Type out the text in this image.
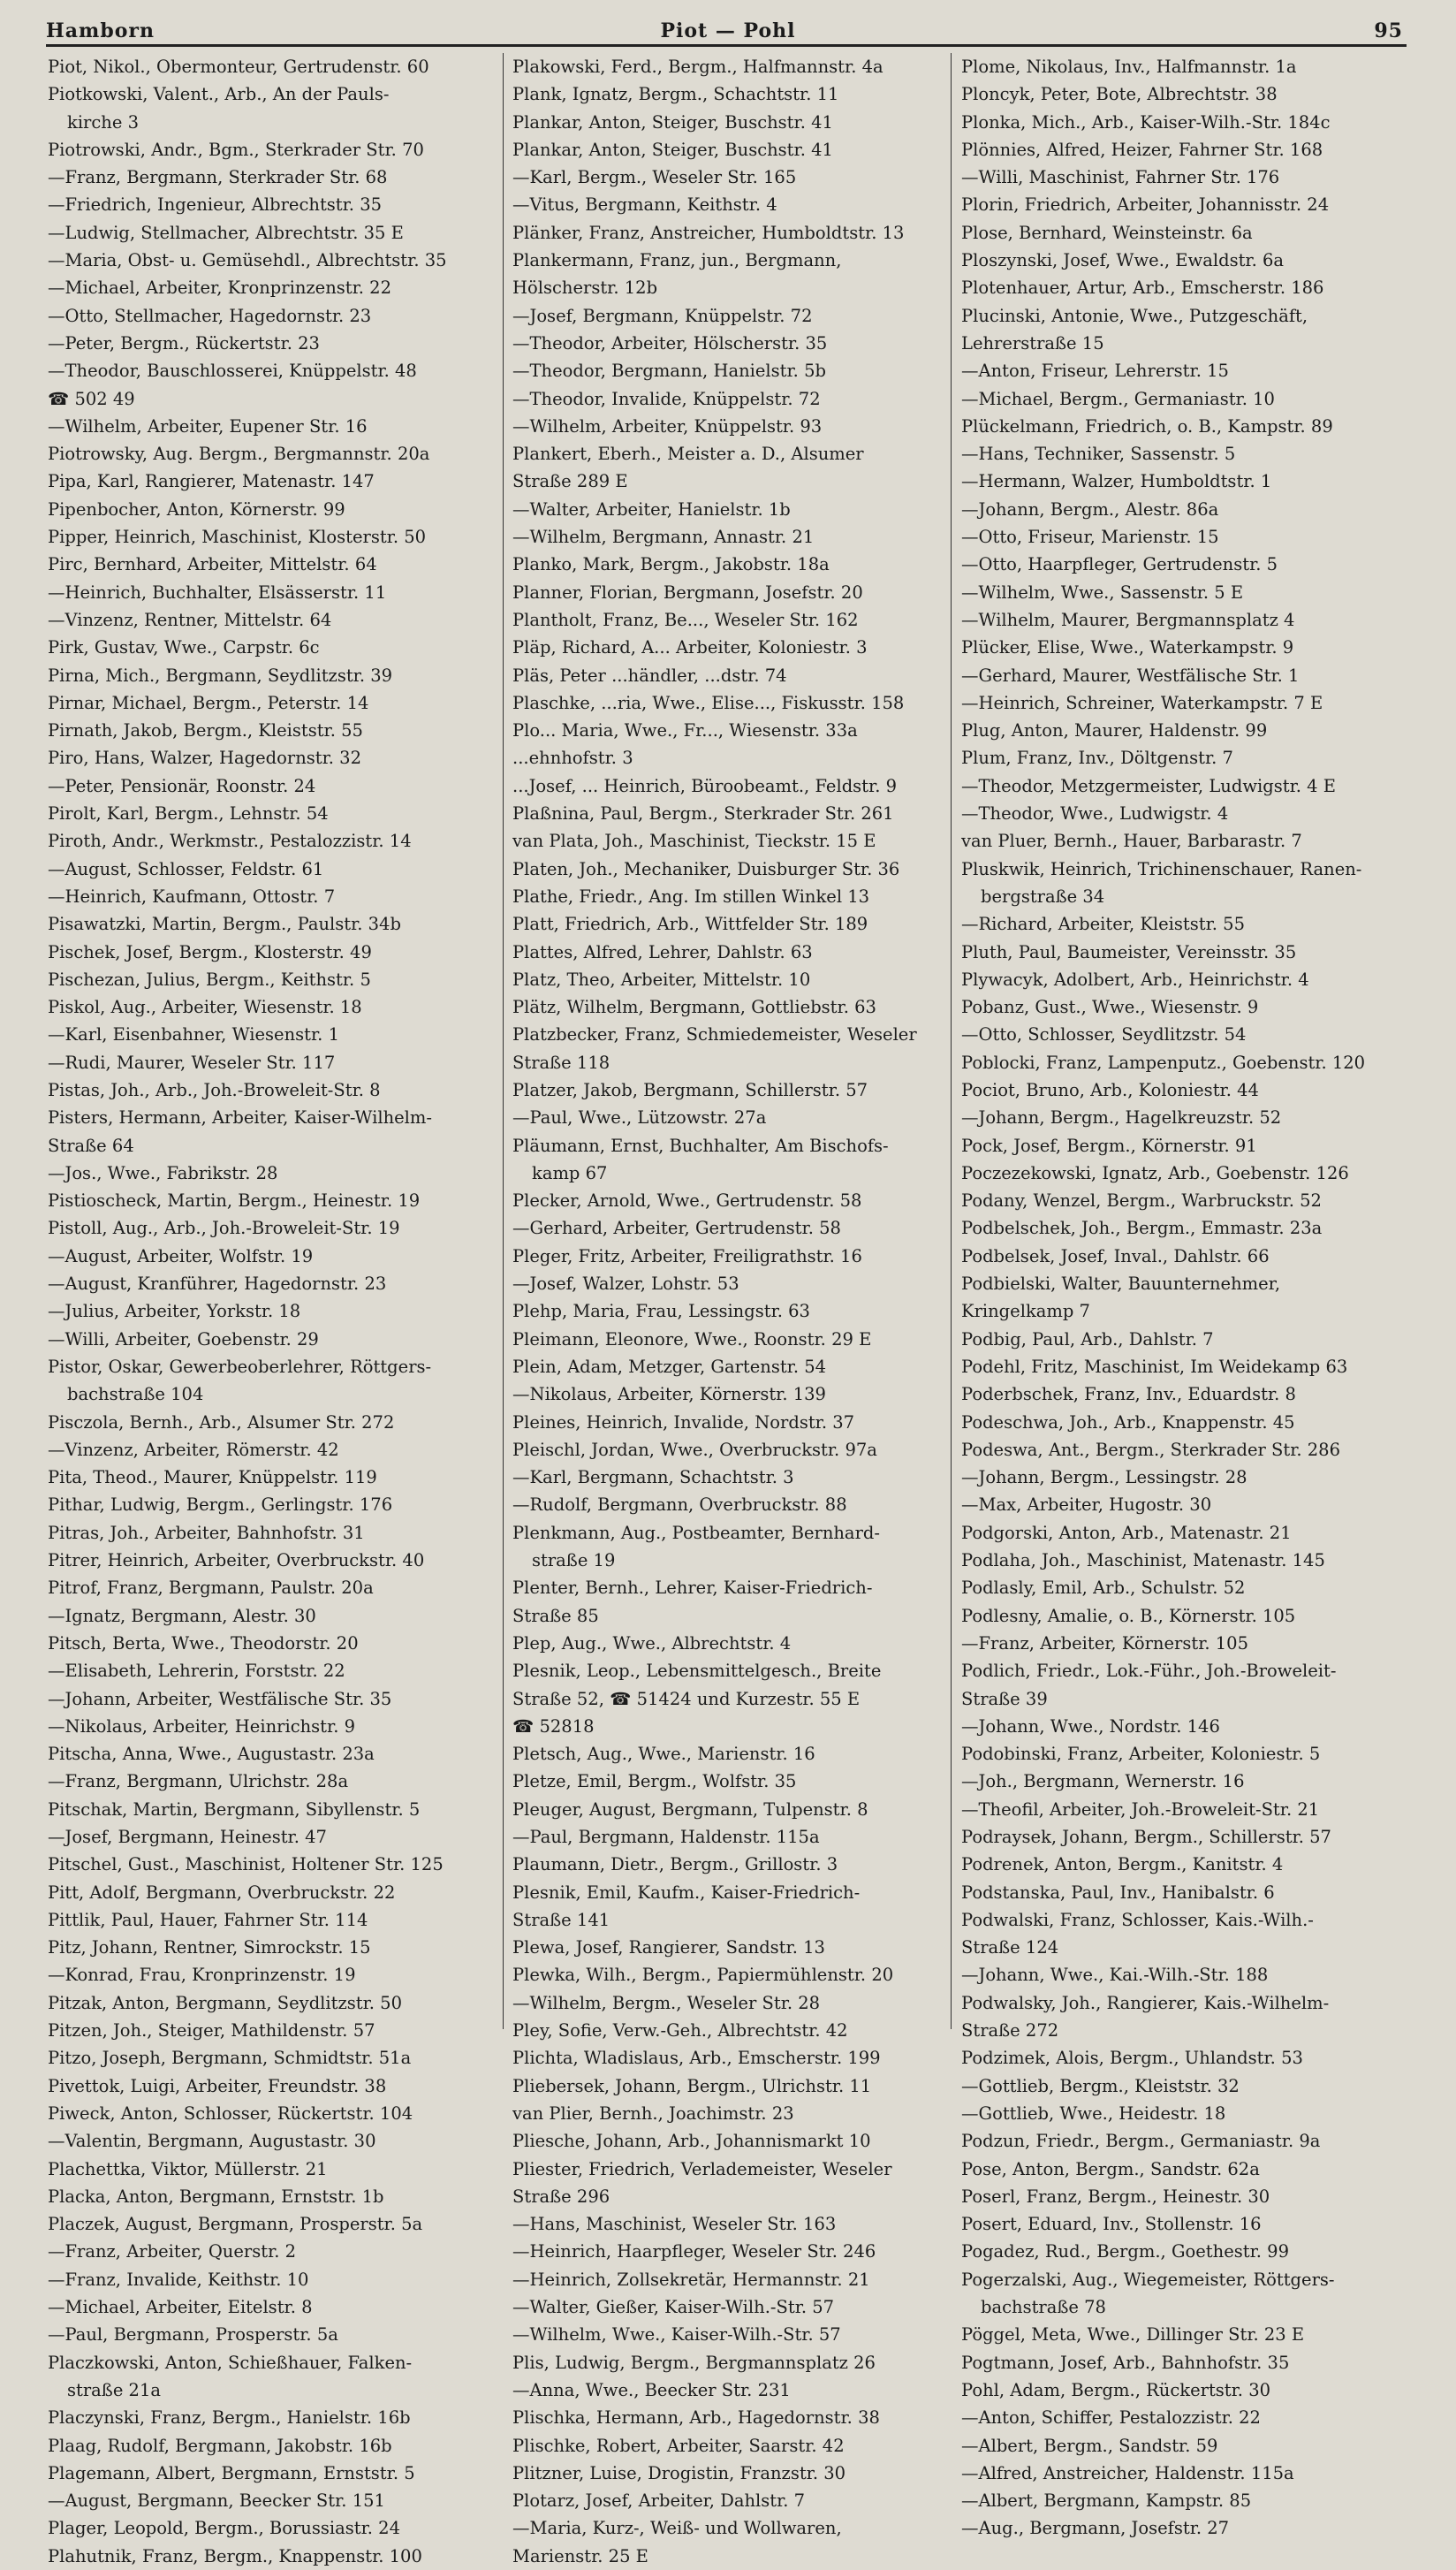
Hamborn	Piot — Pohl	95
Piot, Nikol., Obermonteur, Gertrudenstr. 60
Piotkowski, Valent., Arb., An der Pauls-
kirche 3
Piotrowski, Andr., Bgm., Sterkrader Str. 70
—Franz, Bergmann, Sterkrader Str. 68
—Friedrich, Ingenieur, Albrechtstr. 35
—Ludwig, Stellmacher, Albrechtstr. 35 E
—Maria, Obst- u. Gemüsehdl., Albrechtstr. 35
—Michael, Arbeiter, Kronprinzenstr. 22
—Otto, Stellmacher, Hagedornstr. 23
—Peter, Bergm., Rückertstr. 23
—Theodor, Bauschlosserei, Knüppelstr. 48
☎ 502 49
—Wilhelm, Arbeiter, Eupener Str. 16
Piotrowsky, Aug. Bergm., Bergmannstr. 20a
Pipa, Karl, Rangierer, Matenastr. 147
Pipenbocher, Anton, Körnerstr. 99
Pipper, Heinrich, Maschinist, Klosterstr. 50
Pirc, Bernhard, Arbeiter, Mittelstr. 64
—Heinrich, Buchhalter, Elsässerstr. 11
—Vinzenz, Rentner, Mittelstr. 64
Pirk, Gustav, Wwe., Carpstr. 6c
Pirna, Mich., Bergmann, Seydlitzstr. 39
Pirnar, Michael, Bergm., Peterstr. 14
Pirnath, Jakob, Bergm., Kleiststr. 55
Piro, Hans, Walzer, Hagedornstr. 32
—Peter, Pensionär, Roonstr. 24
Pirolt, Karl, Bergm., Lehnstr. 54
Piroth, Andr., Werkmstr., Pestalozzistr. 14
—August, Schlosser, Feldstr. 61
—Heinrich, Kaufmann, Ottostr. 7
Pisawatzki, Martin, Bergm., Paulstr. 34b
Pischek, Josef, Bergm., Klosterstr. 49
Pischezan, Julius, Bergm., Keithstr. 5
Piskol, Aug., Arbeiter, Wiesenstr. 18
—Karl, Eisenbahner, Wiesenstr. 1
—Rudi, Maurer, Weseler Str. 117
Pistas, Joh., Arb., Joh.-Broweleit-Str. 8
Pisters, Hermann, Arbeiter, Kaiser-Wilhelm-
Straße 64
—Jos., Wwe., Fabrikstr. 28
Pistioscheck, Martin, Bergm., Heinestr. 19
Pistoll, Aug., Arb., Joh.-Broweleit-Str. 19
—August, Arbeiter, Wolfstr. 19
—August, Kranführer, Hagedornstr. 23
—Julius, Arbeiter, Yorkstr. 18
—Willi, Arbeiter, Goebenstr. 29
Pistor, Oskar, Gewerbeoberlehrer, Röttgers-
bachstraße 104
Pisczola, Bernh., Arb., Alsumer Str. 272
—Vinzenz, Arbeiter, Römerstr. 42
Pita, Theod., Maurer, Knüppelstr. 119
Pithar, Ludwig, Bergm., Gerlingstr. 176
Pitras, Joh., Arbeiter, Bahnhofstr. 31
Pitrer, Heinrich, Arbeiter, Overbruckstr. 40
Pitrof, Franz, Bergmann, Paulstr. 20a
—Ignatz, Bergmann, Alestr. 30
Pitsch, Berta, Wwe., Theodorstr. 20
—Elisabeth, Lehrerin, Forststr. 22
—Johann, Arbeiter, Westfälische Str. 35
—Nikolaus, Arbeiter, Heinrichstr. 9
Pitscha, Anna, Wwe., Augustastr. 23a
—Franz, Bergmann, Ulrichstr. 28a
Pitschak, Martin, Bergmann, Sibyllenstr. 5
—Josef, Bergmann, Heinestr. 47
Pitschel, Gust., Maschinist, Holtener Str. 125
Pitt, Adolf, Bergmann, Overbruckstr. 22
Pittlik, Paul, Hauer, Fahrner Str. 114
Pitz, Johann, Rentner, Simrockstr. 15
—Konrad, Frau, Kronprinzenstr. 19
Pitzak, Anton, Bergmann, Seydlitzstr. 50
Pitzen, Joh., Steiger, Mathildenstr. 57
Pitzo, Joseph, Bergmann, Schmidtstr. 51a
Pivettok, Luigi, Arbeiter, Freundstr. 38
Piweck, Anton, Schlosser, Rückertstr. 104
—Valentin, Bergmann, Augustastr. 30
Plachettka, Viktor, Müllerstr. 21
Placka, Anton, Bergmann, Ernststr. 1b
Placzek, August, Bergmann, Prosperstr. 5a
—Franz, Arbeiter, Querstr. 2
—Franz, Invalide, Keithstr. 10
—Michael, Arbeiter, Eitelstr. 8
—Paul, Bergmann, Prosperstr. 5a
Placzkowski, Anton, Schießhauer, Falken-
straße 21a
Placzynski, Franz, Bergm., Hanielstr. 16b
Plaag, Rudolf, Bergmann, Jakobstr. 16b
Plagemann, Albert, Bergmann, Ernststr. 5
—August, Bergmann, Beecker Str. 151
Plager, Leopold, Bergm., Borussiastr. 24
Plahutnik, Franz, Bergm., Knappenstr. 100
Plakowski, Ferd., Bergm., Halfmannstr. 4a
Plank, Ignatz, Bergm., Schachtstr. 11
Plankar, Anton, Steiger, Buschstr. 41
Plankar, Anton, Steiger, Buschstr. 41
—Karl, Bergm., Weseler Str. 165
—Vitus, Bergmann, Keithstr. 4
Plänker, Franz, Anstreicher, Humboldtstr. 13
Plankermann, Franz, jun., Bergmann,
Hölscherstr. 12b
—Josef, Bergmann, Knüppelstr. 72
—Theodor, Arbeiter, Hölscherstr. 35
—Theodor, Bergmann, Hanielstr. 5b
—Theodor, Invalide, Knüppelstr. 72
—Wilhelm, Arbeiter, Knüppelstr. 93
Plankert, Eberh., Meister a. D., Alsumer
Straße 289 E
—Walter, Arbeiter, Hanielstr. 1b
—Wilhelm, Bergmann, Annastr. 21
Planko, Mark, Bergm., Jakobstr. 18a
Planner, Florian, Bergmann, Josefstr. 20
Plantholt, Franz, Be..., Weseler Str. 162
Pläp, Richard, A... Arbeiter, Koloniestr. 3
Pläs, Peter ...händler, ...dstr. 74
Plaschke, ...ria, Wwe., Elise..., Fiskusstr. 158
Plo... Maria, Wwe., Fr..., Wiesenstr. 33a
...ehnhofstr. 3
...Josef, ... Heinrich, Büroobeamt., Feldstr. 9
Plaßnina, Paul, Bergm., Sterkrader Str. 261
van Plata, Joh., Maschinist, Tieckstr. 15 E
Platen, Joh., Mechaniker, Duisburger Str. 36
Plathe, Friedr., Ang. Im stillen Winkel 13
Platt, Friedrich, Arb., Wittfelder Str. 189
Plattes, Alfred, Lehrer, Dahlstr. 63
Platz, Theo, Arbeiter, Mittelstr. 10
Plätz, Wilhelm, Bergmann, Gottliebstr. 63
Platzbecker, Franz, Schmiedemeister, Weseler
Straße 118
Platzer, Jakob, Bergmann, Schillerstr. 57
—Paul, Wwe., Lützowstr. 27a
Pläumann, Ernst, Buchhalter, Am Bischofs-
kamp 67
Plecker, Arnold, Wwe., Gertrudenstr. 58
—Gerhard, Arbeiter, Gertrudenstr. 58
Pleger, Fritz, Arbeiter, Freiligrathstr. 16
—Josef, Walzer, Lohstr. 53
Plehp, Maria, Frau, Lessingstr. 63
Pleimann, Eleonore, Wwe., Roonstr. 29 E
Plein, Adam, Metzger, Gartenstr. 54
—Nikolaus, Arbeiter, Körnerstr. 139
Pleines, Heinrich, Invalide, Nordstr. 37
Pleischl, Jordan, Wwe., Overbruckstr. 97a
—Karl, Bergmann, Schachtstr. 3
—Rudolf, Bergmann, Overbruckstr. 88
Plenkmann, Aug., Postbeamter, Bernhard-
straße 19
Plenter, Bernh., Lehrer, Kaiser-Friedrich-
Straße 85
Plep, Aug., Wwe., Albrechtstr. 4
Plesnik, Leop., Lebensmittelgesch., Breite
Straße 52, ☎ 51424 und Kurzestr. 55 E
☎ 52818
Pletsch, Aug., Wwe., Marienstr. 16
Pletze, Emil, Bergm., Wolfstr. 35
Pleuger, August, Bergmann, Tulpenstr. 8
—Paul, Bergmann, Haldenstr. 115a
Plaumann, Dietr., Bergm., Grillostr. 3
Plesnik, Emil, Kaufm., Kaiser-Friedrich-
Straße 141
Plewa, Josef, Rangierer, Sandstr. 13
Plewka, Wilh., Bergm., Papiermühlenstr. 20
—Wilhelm, Bergm., Weseler Str. 28
Pley, Sofie, Verw.-Geh., Albrechtstr. 42
Plichta, Wladislaus, Arb., Emscherstr. 199
Pliebersek, Johann, Bergm., Ulrichstr. 11
van Plier, Bernh., Joachimstr. 23
Pliesche, Johann, Arb., Johannismarkt 10
Pliester, Friedrich, Verlademeister, Weseler
Straße 296
—Hans, Maschinist, Weseler Str. 163
—Heinrich, Haarpfleger, Weseler Str. 246
—Heinrich, Zollsekretär, Hermannstr. 21
—Walter, Gießer, Kaiser-Wilh.-Str. 57
—Wilhelm, Wwe., Kaiser-Wilh.-Str. 57
Plis, Ludwig, Bergm., Bergmannsplatz 26
—Anna, Wwe., Beecker Str. 231
Plischka, Hermann, Arb., Hagedornstr. 38
Plischke, Robert, Arbeiter, Saarstr. 42
Plitzner, Luise, Drogistin, Franzstr. 30
Plotarz, Josef, Arbeiter, Dahlstr. 7
—Maria, Kurz-, Weiß- und Wollwaren,
Marienstr. 25 E
Plome, Nikolaus, Inv., Halfmannstr. 1a
Ploncyk, Peter, Bote, Albrechtstr. 38
Plonka, Mich., Arb., Kaiser-Wilh.-Str. 184c
Plönnies, Alfred, Heizer, Fahrner Str. 168
—Willi, Maschinist, Fahrner Str. 176
Plorin, Friedrich, Arbeiter, Johannisstr. 24
Plose, Bernhard, Weinsteinstr. 6a
Ploszynski, Josef, Wwe., Ewaldstr. 6a
Plotenhauer, Artur, Arb., Emscherstr. 186
Plucinski, Antonie, Wwe., Putzgeschäft,
Lehrerstraße 15
—Anton, Friseur, Lehrerstr. 15
—Michael, Bergm., Germaniastr. 10
Plückelmann, Friedrich, o. B., Kampstr. 89
—Hans, Techniker, Sassenstr. 5
—Hermann, Walzer, Humboldtstr. 1
—Johann, Bergm., Alestr. 86a
—Otto, Friseur, Marienstr. 15
—Otto, Haarpfleger, Gertrudenstr. 5
—Wilhelm, Wwe., Sassenstr. 5 E
—Wilhelm, Maurer, Bergmannsplatz 4
Plücker, Elise, Wwe., Waterkampstr. 9
—Gerhard, Maurer, Westfälische Str. 1
—Heinrich, Schreiner, Waterkampstr. 7 E
Plug, Anton, Maurer, Haldenstr. 99
Plum, Franz, Inv., Döltgenstr. 7
—Theodor, Metzgermeister, Ludwigstr. 4 E
—Theodor, Wwe., Ludwigstr. 4
van Pluer, Bernh., Hauer, Barbarastr. 7
Pluskwik, Heinrich, Trichinenschauer, Ranen-
bergstraße 34
—Richard, Arbeiter, Kleiststr. 55
Pluth, Paul, Baumeister, Vereinsstr. 35
Plywacyk, Adolbert, Arb., Heinrichstr. 4
Pobanz, Gust., Wwe., Wiesenstr. 9
—Otto, Schlosser, Seydlitzstr. 54
Poblocki, Franz, Lampenputz., Goebenstr. 120
Pociot, Bruno, Arb., Koloniestr. 44
—Johann, Bergm., Hagelkreuzstr. 52
Pock, Josef, Bergm., Körnerstr. 91
Poczezekowski, Ignatz, Arb., Goebenstr. 126
Podany, Wenzel, Bergm., Warbruckstr. 52
Podbelschek, Joh., Bergm., Emmastr. 23a
Podbelsek, Josef, Inval., Dahlstr. 66
Podbielski, Walter, Bauunternehmer,
Kringelkamp 7
Podbig, Paul, Arb., Dahlstr. 7
Podehl, Fritz, Maschinist, Im Weidekamp 63
Poderbschek, Franz, Inv., Eduardstr. 8
Podeschwa, Joh., Arb., Knappenstr. 45
Podeswa, Ant., Bergm., Sterkrader Str. 286
—Johann, Bergm., Lessingstr. 28
—Max, Arbeiter, Hugostr. 30
Podgorski, Anton, Arb., Matenastr. 21
Podlaha, Joh., Maschinist, Matenastr. 145
Podlasly, Emil, Arb., Schulstr. 52
Podlesny, Amalie, o. B., Körnerstr. 105
—Franz, Arbeiter, Körnerstr. 105
Podlich, Friedr., Lok.-Führ., Joh.-Broweleit-
Straße 39
—Johann, Wwe., Nordstr. 146
Podobinski, Franz, Arbeiter, Koloniestr. 5
—Joh., Bergmann, Wernerstr. 16
—Theofil, Arbeiter, Joh.-Broweleit-Str. 21
Podraysek, Johann, Bergm., Schillerstr. 57
Podrenek, Anton, Bergm., Kanitstr. 4
Podstanska, Paul, Inv., Hanibalstr. 6
Podwalski, Franz, Schlosser, Kais.-Wilh.-
Straße 124
—Johann, Wwe., Kai.-Wilh.-Str. 188
Podwalsky, Joh., Rangierer, Kais.-Wilhelm-
Straße 272
Podzimek, Alois, Bergm., Uhlandstr. 53
—Gottlieb, Bergm., Kleiststr. 32
—Gottlieb, Wwe., Heidestr. 18
Podzun, Friedr., Bergm., Germaniastr. 9a
Pose, Anton, Bergm., Sandstr. 62a
Poserl, Franz, Bergm., Heinestr. 30
Posert, Eduard, Inv., Stollenstr. 16
Pogadez, Rud., Bergm., Goethestr. 99
Pogerzalski, Aug., Wiegemeister, Röttgers-
bachstraße 78
Pöggel, Meta, Wwe., Dillinger Str. 23 E
Pogtmann, Josef, Arb., Bahnhofstr. 35
Pohl, Adam, Bergm., Rückertstr. 30
—Anton, Schiffer, Pestalozzistr. 22
—Albert, Bergm., Sandstr. 59
—Alfred, Anstreicher, Haldenstr. 115a
—Albert, Bergmann, Kampstr. 85
—Aug., Bergmann, Josefstr. 27
